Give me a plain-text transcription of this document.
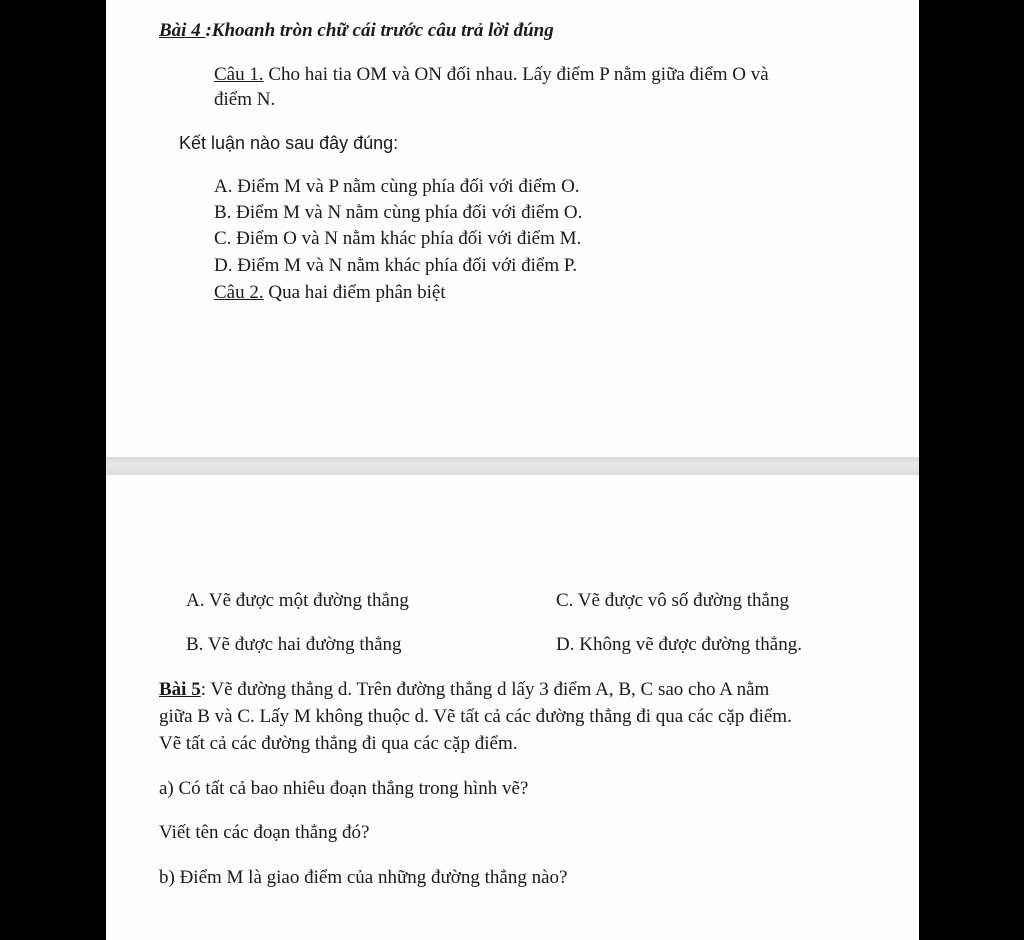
Bài 4 :Khoanh tròn chữ cái trước câu trả lời đúng
Câu 1. Cho hai tia OM và ON đối nhau. Lấy điểm P nằm giữa điểm O và
điểm N.
Kết luận nào sau đây đúng:
A. Điểm M và P nằm cùng phía đối với điểm O.
B. Điểm M và N nằm cùng phía đối với điểm O.
C. Điểm O và N nằm khác phía đối với điểm M.
D. Điểm M và N nằm khác phía đối với điểm P.
Câu 2. Qua hai điểm phân biệt
A. Vẽ được một đường thẳng	C. Vẽ được vô số đường thẳng
B. Vẽ được hai đường thẳng	D. Không vẽ được đường thẳng.
Bài 5: Vẽ đường thẳng d. Trên đường thẳng d lấy 3 điểm A, B, C sao cho A nằm
giữa B và C. Lấy M không thuộc d. Vẽ tất cả các đường thẳng đi qua các cặp điểm.
Vẽ tất cả các đường thẳng đi qua các cặp điểm.
a) Có tất cả bao nhiêu đoạn thẳng trong hình vẽ?
Viết tên các đoạn thẳng đó?
b) Điểm M là giao điểm của những đường thẳng nào?
